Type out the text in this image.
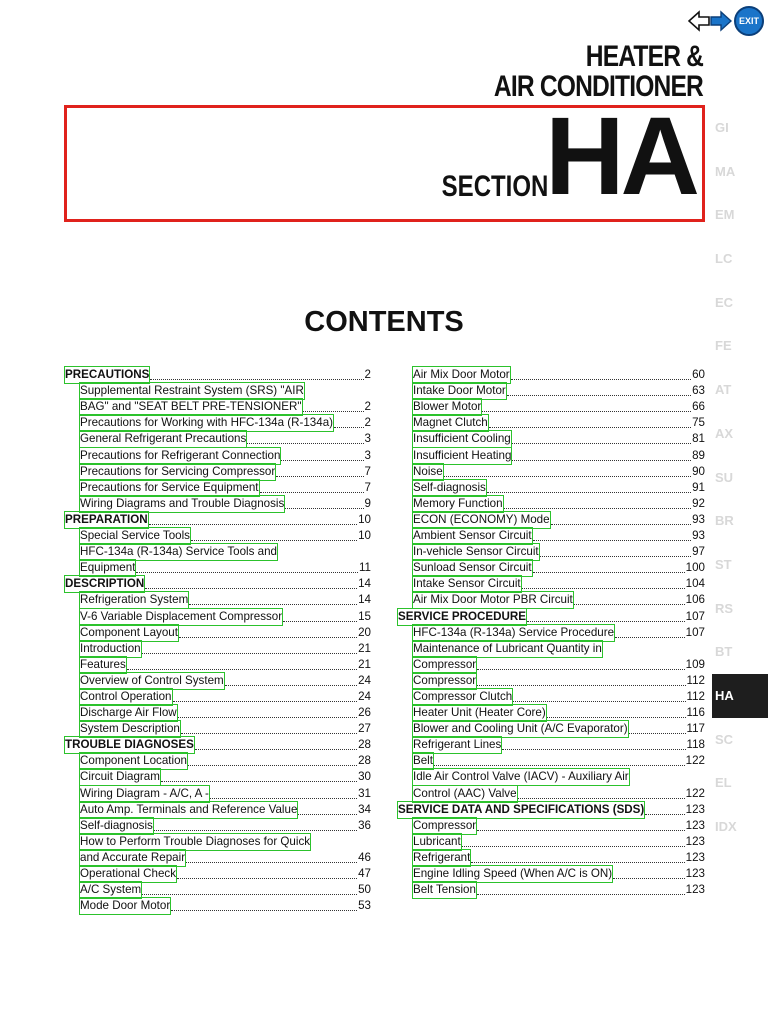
EXIT
HEATER &
AIR CONDITIONER
SECTION
HA GI
MA
EM
LC
EC
FE
AT
AX
SU
BR
ST
RS
BT
HA
SC
EL
IDX
CONTENTS
PRECAUTIONS	2
Supplemental Restraint System (SRS) "AIR
BAG" and "SEAT BELT PRE-TENSIONER"	2
Precautions for Working with HFC-134a (R-134a)	2
General Refrigerant Precautions	3
Precautions for Refrigerant Connection	3
Precautions for Servicing Compressor	7
Precautions for Service Equipment	7
Wiring Diagrams and Trouble Diagnosis	9
PREPARATION	10
Special Service Tools	10
HFC-134a (R-134a) Service Tools and
Equipment	11
DESCRIPTION	14
Refrigeration System	14
V-6 Variable Displacement Compressor	15
Component Layout	20
Introduction	21
Features	21
Overview of Control System	24
Control Operation	24
Discharge Air Flow	26
System Description	27
TROUBLE DIAGNOSES	28
Component Location	28
Circuit Diagram	30
Wiring Diagram - A/C, A -	31
Auto Amp. Terminals and Reference Value	34
Self-diagnosis	36
How to Perform Trouble Diagnoses for Quick
and Accurate Repair	46
Operational Check	47
A/C System	50
Mode Door Motor	53
Air Mix Door Motor	60
Intake Door Motor	63
Blower Motor	66
Magnet Clutch	75
Insufficient Cooling	81
Insufficient Heating	89
Noise	90
Self-diagnosis	91
Memory Function	92
ECON (ECONOMY) Mode	93
Ambient Sensor Circuit	93
In-vehicle Sensor Circuit	97
Sunload Sensor Circuit	100
Intake Sensor Circuit	104
Air Mix Door Motor PBR Circuit	106
SERVICE PROCEDURE	107
HFC-134a (R-134a) Service Procedure	107
Maintenance of Lubricant Quantity in
Compressor	109
Compressor	112
Compressor Clutch	112
Heater Unit (Heater Core)	116
Blower and Cooling Unit (A/C Evaporator)	117
Refrigerant Lines	118
Belt	122
Idle Air Control Valve (IACV) - Auxiliary Air
Control (AAC) Valve	122
SERVICE DATA AND SPECIFICATIONS (SDS)	123
Compressor	123
Lubricant	123
Refrigerant	123
Engine Idling Speed (When A/C is ON)	123
Belt Tension	123
